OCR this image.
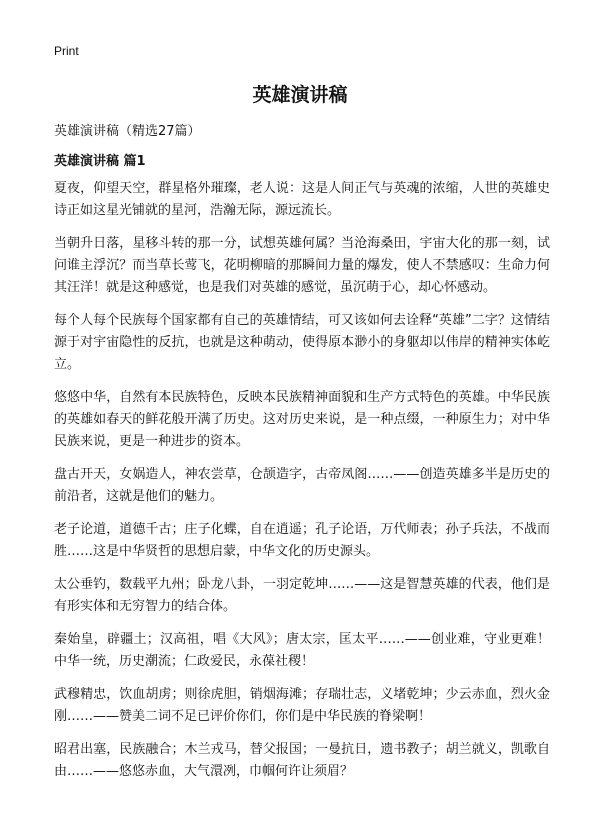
Print
英雄演讲稿
英雄演讲稿（精选27篇）
英雄演讲稿 篇1

夏夜，仰望天空，群星格外璀璨，老人说：这是人间正气与英魂的浓缩，人世的英雄史诗正如这星光铺就的星河，浩瀚无际，源远流长。

当朝升日落，星移斗转的那一分，试想英雄何属？当沧海桑田，宇宙大化的那一刻，试问谁主浮沉？而当草长莺飞，花明柳暗的那瞬间力量的爆发，使人不禁感叹：生命力何其汪洋！就是这种感觉，也是我们对英雄的感觉，虽沉萌于心，却心怀感动。

每个人每个民族每个国家都有自己的英雄情结，可又该如何去诠释“英雄”二字？这情结源于对宇宙隐性的反抗，也就是这种萌动，使得原本渺小的身躯却以伟岸的精神实体屹立。

悠悠中华，自然有本民族特色，反映本民族精神面貌和生产方式特色的英雄。中华民族的英雄如春天的鲜花般开满了历史。这对历史来说，是一种点缀，一种原生力；对中华民族来说，更是一种进步的资本。

盘古开天，女娲造人，神农尝草，仓颉造字，古帝凤阁……——创造英雄多半是历史的前沿者，这就是他们的魅力。

老子论道，道德千古；庄子化蝶，自在逍遥；孔子论语，万代师表；孙子兵法，不战而胜……这是中华贤哲的思想启蒙，中华文化的历史源头。

太公垂钓，数载平九州；卧龙八卦，一羽定乾坤……——这是智慧英雄的代表，他们是有形实体和无穷智力的结合体。

秦始皇，辟疆土；汉高祖，唱《大风》；唐太宗，匡太平……——创业难，守业更难！中华一统，历史潮流；仁政爱民，永葆社稷！

武穆精忠，饮血胡虏；则徐虎胆，销烟海滩；存瑞壮志，义堵乾坤；少云赤血，烈火金刚……——赞美二词不足已评价你们，你们是中华民族的脊梁啊！

昭君出塞，民族融合；木兰戎马，替父报国；一曼抗日，遗书教子；胡兰就义，凯歌自由……——悠悠赤血，大气澴冽，巾帼何许让须眉？
